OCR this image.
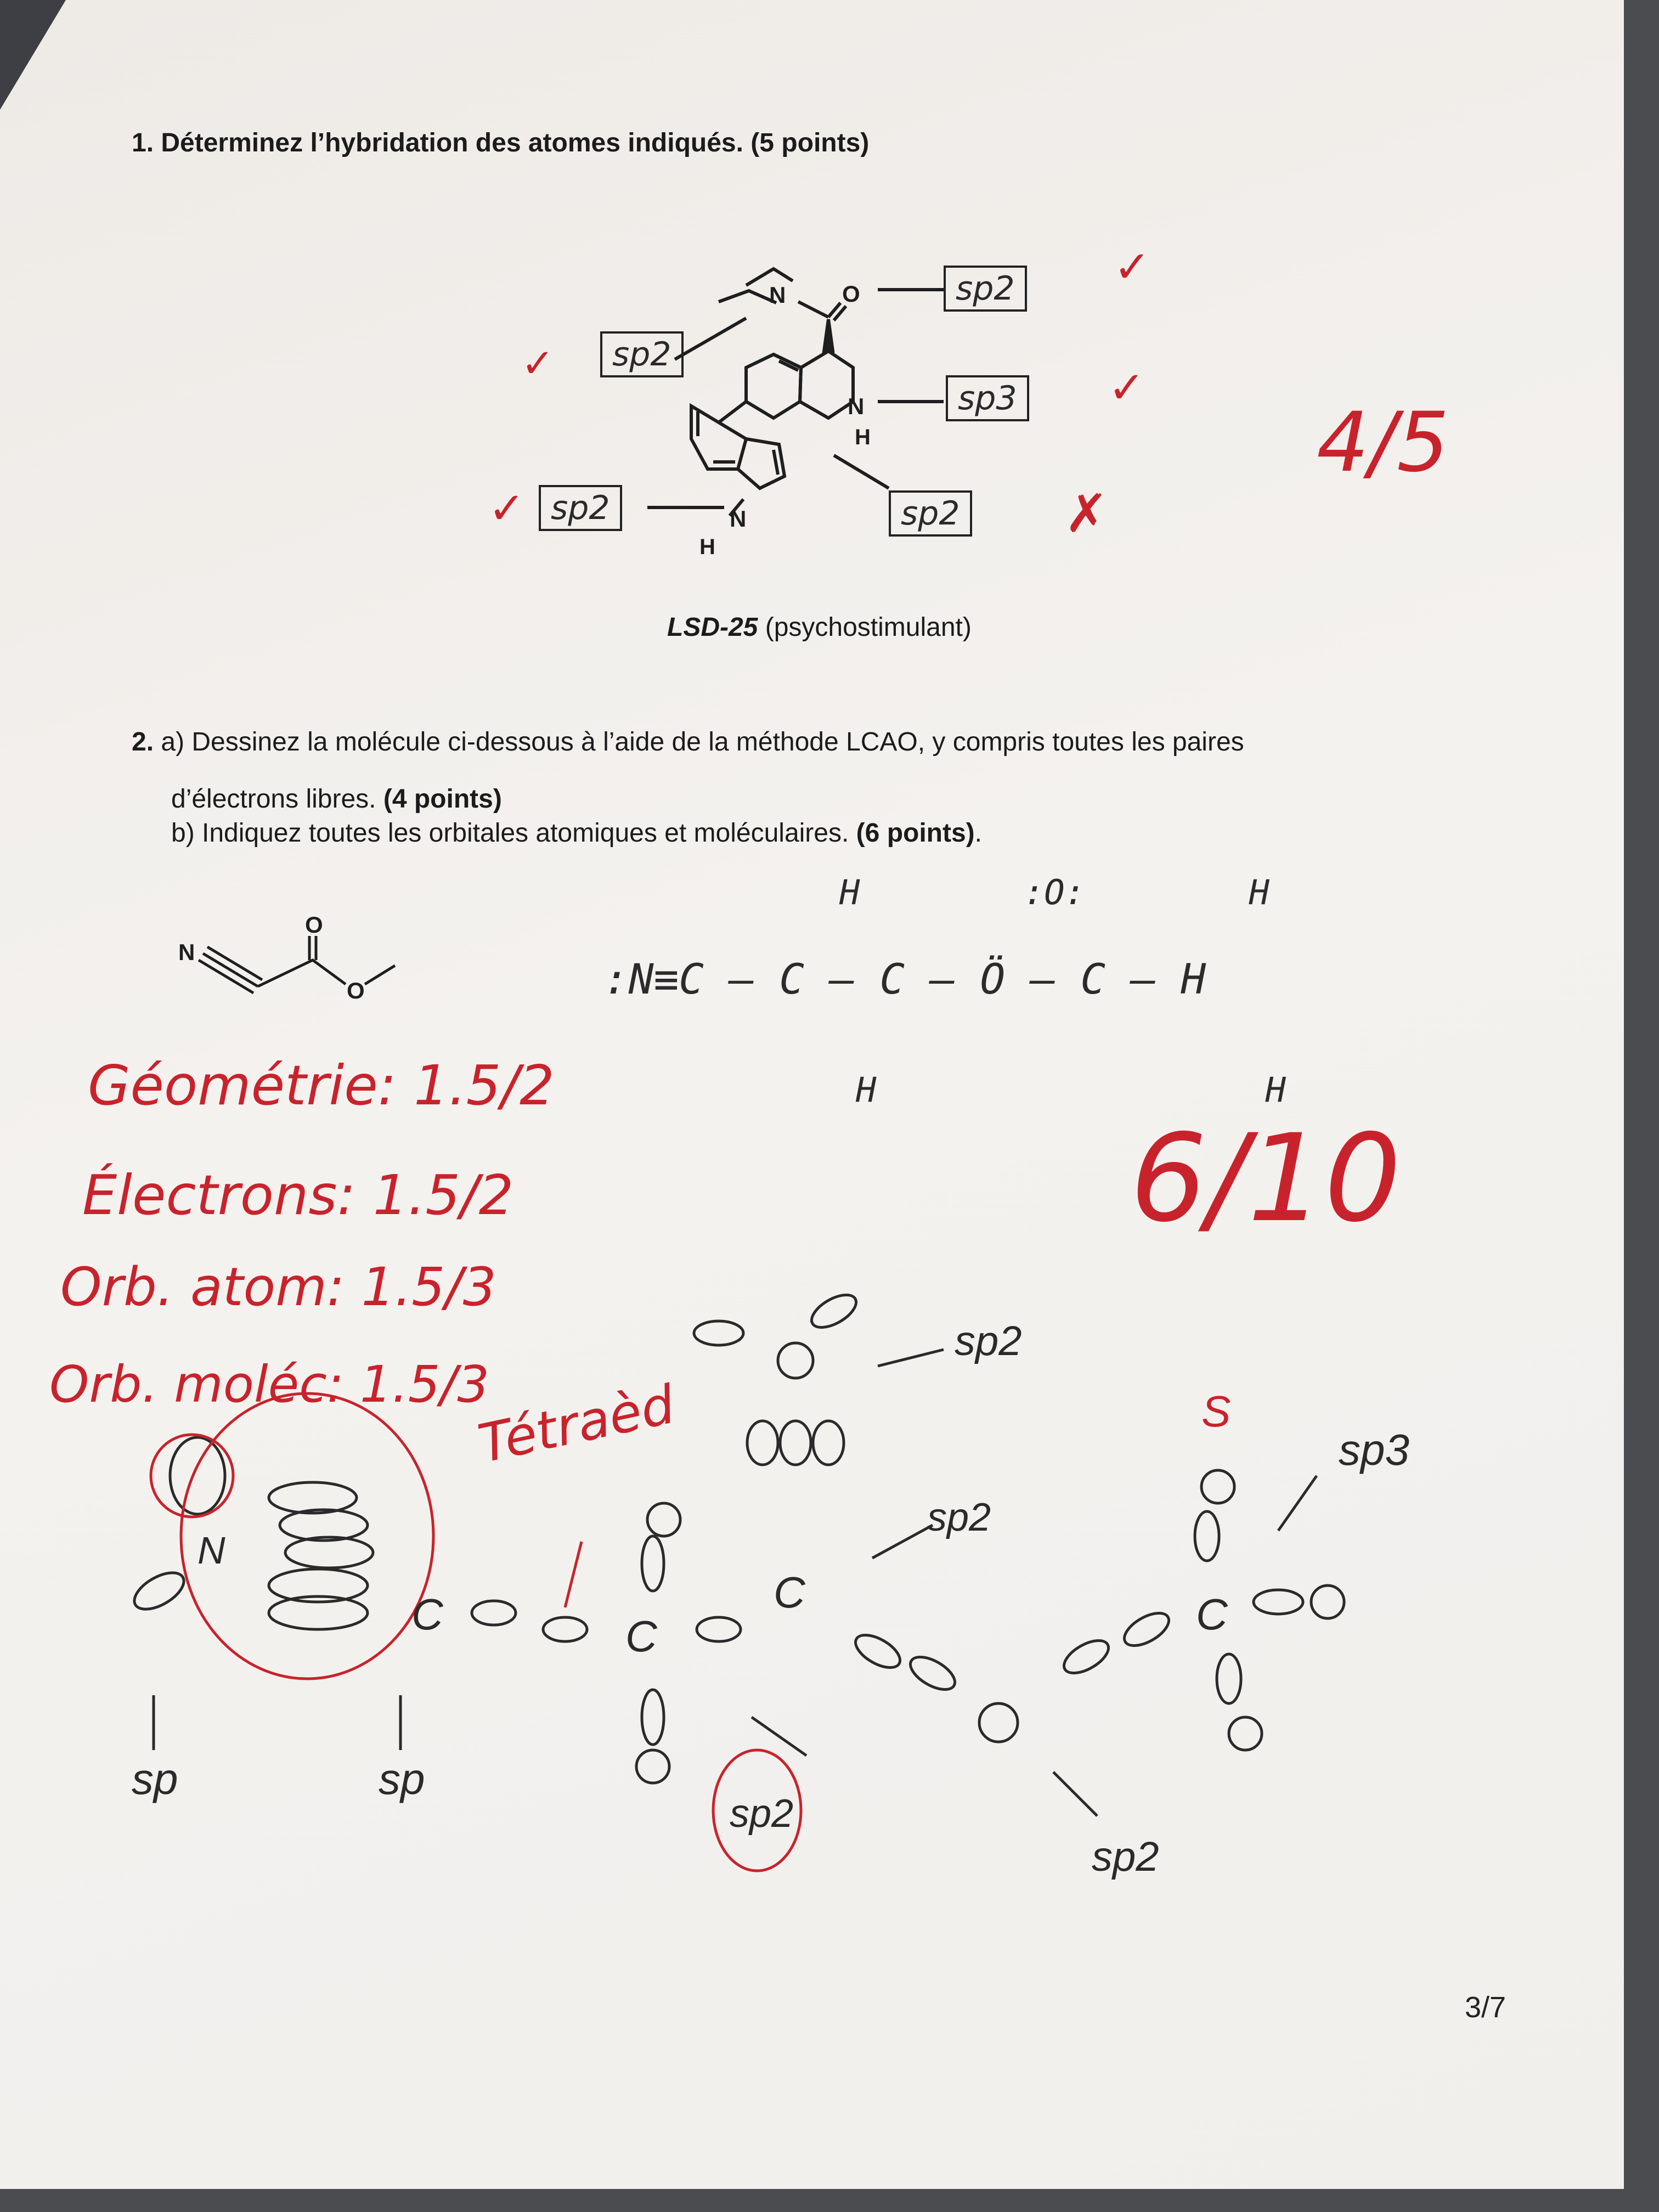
1. Déterminez l’hybridation des atomes indiqués. (5 points)
N O
N
H
N
H
sp2
sp2
sp3
sp2	sp2
✓
✓	✓
✓	✗
4/5
LSD-25 (psychostimulant)
2. a) Dessinez la molécule ci-dessous à l’aide de la méthode LCAO, y compris toutes les paires
d’électrons libres. (4 points)
b) Indiquez toutes les orbitales atomiques et moléculaires. (6 points).
N
O
O
H        :O:        H
:N≡C – C – C – Ö – C – H
H                   H
Géométrie: 1.5/2
Électrons: 1.5/2
Orb. atom: 1.5/3
Orb. moléc: 1.5/3
6/10
Tétraèd
sp	sp
sp2
sp2
sp2
sp2
sp3
S
N
C	C
C	C
3/7
